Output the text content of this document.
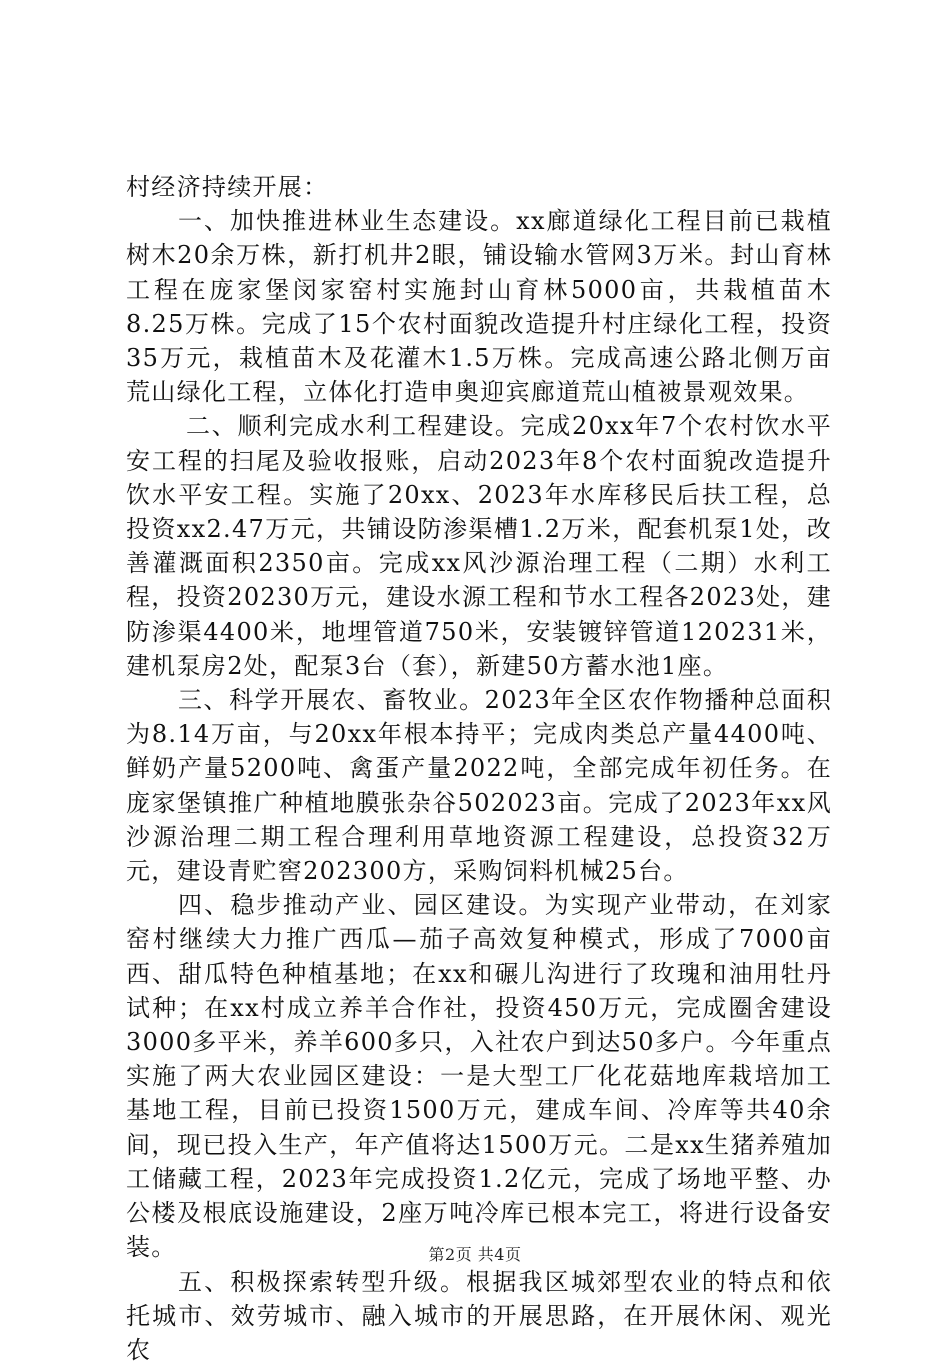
村经济持续开展：

一、加快推进林业生态建设。xx廊道绿化工程目前已栽植树木20余万株，新打机井2眼，铺设输水管网3万米。封山育林工程在庞家堡闵家窑村实施封山育林5000亩，共栽植苗木8.25万株。完成了15个农村面貌改造提升村庄绿化工程，投资35万元，栽植苗木及花灌木1.5万株。完成高速公路北侧万亩荒山绿化工程，立体化打造申奥迎宾廊道荒山植被景观效果。

二、顺利完成水利工程建设。完成20xx年7个农村饮水平安工程的扫尾及验收报账，启动2023年8个农村面貌改造提升饮水平安工程。实施了20xx、2023年水库移民后扶工程，总投资xx2.47万元，共铺设防渗渠槽1.2万米，配套机泵1处，改善灌溉面积2350亩。完成xx风沙源治理工程（二期）水利工程，投资20230万元，建设水源工程和节水工程各2023处，建防渗渠4400米，地埋管道750米，安装镀锌管道120231米，建机泵房2处，配泵3台（套），新建50方蓄水池1座。

三、科学开展农、畜牧业。2023年全区农作物播种总面积为8.14万亩，与20xx年根本持平；完成肉类总产量4400吨、鲜奶产量5200吨、禽蛋产量2022吨，全部完成年初任务。在庞家堡镇推广种植地膜张杂谷502023亩。完成了2023年xx风沙源治理二期工程合理利用草地资源工程建设，总投资32万元，建设青贮窖202300方，采购饲料机械25台。

四、稳步推动产业、园区建设。为实现产业带动，在刘家窑村继续大力推广西瓜—茄子高效复种模式，形成了7000亩西、甜瓜特色种植基地；在xx和碾儿沟进行了玫瑰和油用牡丹试种；在xx村成立养羊合作社，投资450万元，完成圈舍建设3000多平米，养羊600多只，入社农户到达50多户。今年重点实施了两大农业园区建设：一是大型工厂化花菇地库栽培加工基地工程，目前已投资1500万元，建成车间、冷库等共40余间，现已投入生产，年产值将达1500万元。二是xx生猪养殖加工储藏工程，2023年完成投资1.2亿元，完成了场地平整、办公楼及根底设施建设，2座万吨冷库已根本完工，将进行设备安装。

五、积极探索转型升级。根据我区城郊型农业的特点和依托城市、效劳城市、融入城市的开展思路，在开展休闲、观光农

第2页 共4页
